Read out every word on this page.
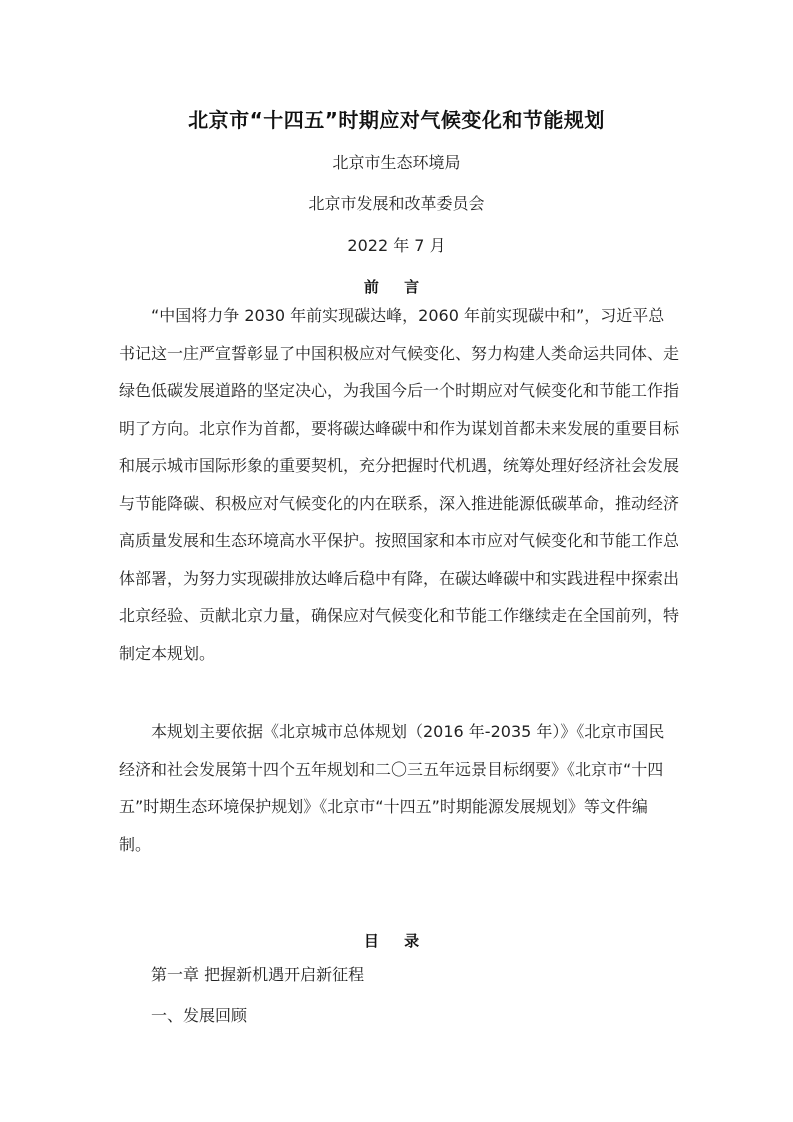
北京市“十四五”时期应对气候变化和节能规划
北京市生态环境局
北京市发展和改革委员会
2022 年 7 月
前 言
“中国将力争 2030 年前实现碳达峰，2060 年前实现碳中和”，习近平总
书记这一庄严宣誓彰显了中国积极应对气候变化、努力构建人类命运共同体、走
绿色低碳发展道路的坚定决心，为我国今后一个时期应对气候变化和节能工作指
明了方向。北京作为首都，要将碳达峰碳中和作为谋划首都未来发展的重要目标
和展示城市国际形象的重要契机，充分把握时代机遇，统筹处理好经济社会发展
与节能降碳、积极应对气候变化的内在联系，深入推进能源低碳革命，推动经济
高质量发展和生态环境高水平保护。按照国家和本市应对气候变化和节能工作总
体部署，为努力实现碳排放达峰后稳中有降，在碳达峰碳中和实践进程中探索出
北京经验、贡献北京力量，确保应对气候变化和节能工作继续走在全国前列，特
制定本规划。
本规划主要依据《北京城市总体规划（2016 年-2035 年）》《北京市国民
经济和社会发展第十四个五年规划和二〇三五年远景目标纲要》《北京市“十四
五”时期生态环境保护规划》《北京市“十四五”时期能源发展规划》等文件编
制。
目 录
第一章 把握新机遇开启新征程
一、发展回顾
